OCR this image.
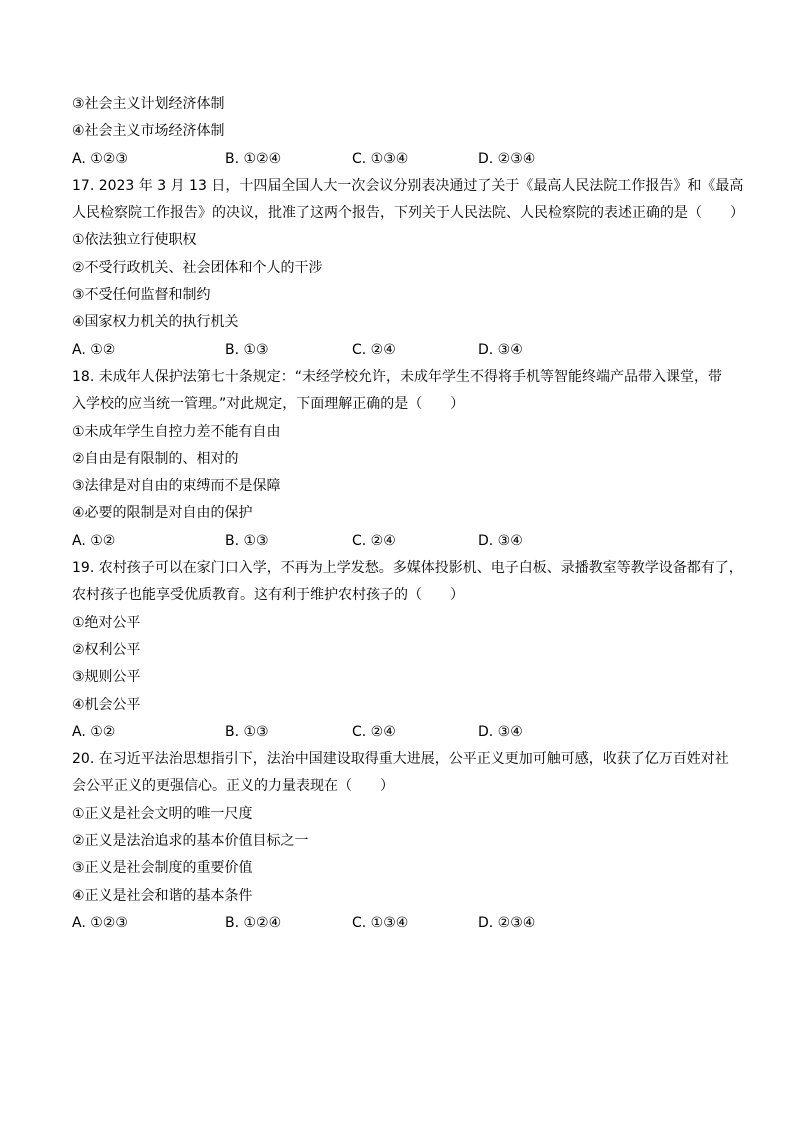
③社会主义计划经济体制
④社会主义市场经济体制
A. ①②③	B. ①②④	C. ①③④	D. ②③④
17. 2023 年 3 月 13 日，十四届全国人大一次会议分别表决通过了关于《最高人民法院工作报告》和《最高
人民检察院工作报告》的决议，批准了这两个报告，下列关于人民法院、人民检察院的表述正确的是（　　）
①依法独立行使职权
②不受行政机关、社会团体和个人的干涉
③不受任何监督和制约
④国家权力机关的执行机关
A. ①②	B. ①③	C. ②④	D. ③④
18. 未成年人保护法第七十条规定：“未经学校允许，未成年学生不得将手机等智能终端产品带入课堂，带
入学校的应当统一管理。”对此规定，下面理解正确的是（　　）
①未成年学生自控力差不能有自由
②自由是有限制的、相对的
③法律是对自由的束缚而不是保障
④必要的限制是对自由的保护
A. ①②	B. ①③	C. ②④	D. ③④
19. 农村孩子可以在家门口入学，不再为上学发愁。多媒体投影机、电子白板、录播教室等教学设备都有了，
农村孩子也能享受优质教育。这有利于维护农村孩子的（　　）
①绝对公平
②权利公平
③规则公平
④机会公平
A. ①②	B. ①③	C. ②④	D. ③④
20. 在习近平法治思想指引下，法治中国建设取得重大进展，公平正义更加可触可感，收获了亿万百姓对社
会公平正义的更强信心。正义的力量表现在（　　）
①正义是社会文明的唯一尺度
②正义是法治追求的基本价值目标之一
③正义是社会制度的重要价值
④正义是社会和谐的基本条件
A. ①②③	B. ①②④	C. ①③④	D. ②③④
